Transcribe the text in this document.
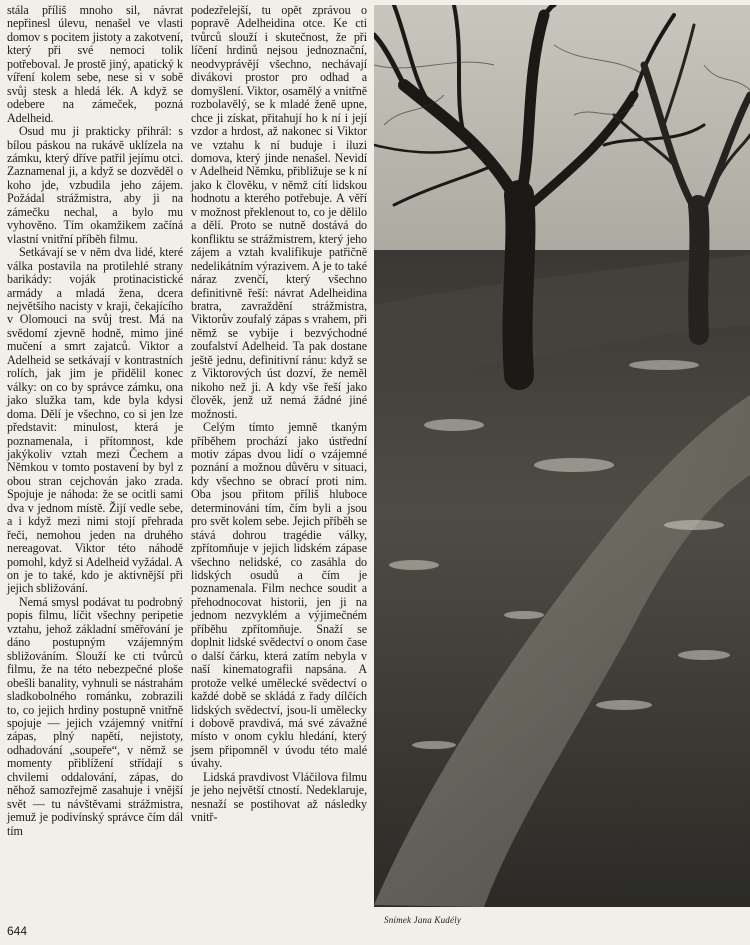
stála příliš mnoho sil, návrat nepřinesl úlevu, nenašel ve vlasti domov s pocitem jistoty a zakotvení, který při své nemoci tolik potřeboval. Je prostě jiný, apatický k víření kolem sebe, nese si v sobě svůj stesk a hledá lék. A když se odebere na zámeček, pozná Adelheid.

Osud mu ji prakticky přihrál: s bílou páskou na rukávě uklízela na zámku, který dříve patřil jejímu otci. Zaznamenal ji, a když se dozvěděl o koho jde, vzbudila jeho zájem. Požádal strážmistra, aby ji na zámečku nechal, a bylo mu vyhověno. Tím okamžikem začíná vlastní vnitřní příběh filmu.

Setkávají se v něm dva lidé, které válka postavila na protilehlé strany barikády: voják protinacistické armády a mladá žena, dcera největšího nacisty v kraji, čekajícího v Olomouci na svůj trest. Má na svědomí zjevně hodně, mimo jiné mučení a smrt zajatců. Viktor a Adelheid se setkávají v kontrastních rolích, jak jim je přidělil konec války: on co by správce zámku, ona jako služka tam, kde byla kdysi doma. Dělí je všechno, co si jen lze představit: minulost, která je poznamenala, i přítomnost, kde jakýkoliv vztah mezi Čechem a Němkou v tomto postavení by byl z obou stran cejchován jako zrada. Spojuje je náhoda: že se ocitli sami dva v jednom místě. Žijí vedle sebe, a i když mezi nimi stojí přehrada řeči, nemohou jeden na druhého nereagovat. Viktor této náhodě pomohl, když si Adelheid vyžádal. A on je to také, kdo je aktivnější při jejich sbližování.

Nemá smysl podávat tu podrobný popis filmu, líčit všechny peripetie vztahu, jehož základní směřování je dáno postupným vzájemným sbližováním. Slouží ke cti tvůrců filmu, že na této nebezpečné ploše obešli banality, vyhnuli se nástrahám sladkobolného románku, zobrazili to, co jejich hrdiny postupně vnitřně spojuje — jejich vzájemný vnitřní zápas, plný napětí, nejistoty, odhadování „soupeře“, v němž se momenty přiblížení střídají s chvilemi oddalování, zápas, do něhož samozřejmě zasahuje i vnější svět — tu návštěvami strážmistra, jemuž je podivínský správce čím dál tím

podezřelejší, tu opět zprávou o popravě Adelheidina otce. Ke cti tvůrců slouží i skutečnost, že při líčení hrdinů nejsou jednoznační, neodvyprávějí všechno, nechávají divákovi prostor pro odhad a domyšlení. Viktor, osamělý a vnitřně rozbolavělý, se k mladé ženě upne, chce ji získat, přitahují ho k ní i její vzdor a hrdost, až nakonec si Viktor ve vztahu k ní buduje i iluzi domova, který jinde nenašel. Nevidí v Adelheid Němku, přibližuje se k ní jako k člověku, v němž cítí lidskou hodnotu a kterého potřebuje. A věří v možnost překlenout to, co je dělilo a dělí. Proto se nutně dostává do konfliktu se strážmistrem, který jeho zájem a vztah kvalifikuje patřičně nedelikátním výrazivem. A je to také náraz zvenčí, který všechno definitivně řeší: návrat Adelheidina bratra, zavraždění strážmistra, Viktorův zoufalý zápas s vrahem, při němž se vybije i bezvýchodné zoufalství Adelheid. Ta pak dostane ještě jednu, definitivní ránu: když se z Viktorových úst dozví, že neměl nikoho než ji. A kdy vše řeší jako člověk, jenž už nemá žádné jiné možnosti.

Celým tímto jemně tkaným příběhem prochází jako ústřední motiv zápas dvou lidí o vzájemné poznání a možnou důvěru v situaci, kdy všechno se obrací proti nim. Oba jsou přitom příliš hluboce determinováni tím, čím byli a jsou pro svět kolem sebe. Jejich příběh se stává dohrou tragédie války, zpřítomňuje v jejich lidském zápase všechno nelidské, co zasáhla do lidských osudů a čím je poznamenala. Film nechce soudit a přehodnocovat historii, jen ji na jednom nezvyklém a výjimečném příběhu zpřítomňuje. Snaží se doplnit lidské svědectví o onom čase o další čárku, která zatím nebyla v naší kinematografii napsána. A protože velké umělecké svědectví o každé době se skládá z řady dílčích lidských svědectví, jsou-li umělecky i dobově pravdivá, má své závažné místo v onom cyklu hledání, který jsem připomněl v úvodu této malé úvahy.

Lidská pravdivost Vláčilova filmu je jeho největší ctností. Nedeklaruje, nesnaží se postihovat až následky vnitř-

Snímek Jana Kudély
644
